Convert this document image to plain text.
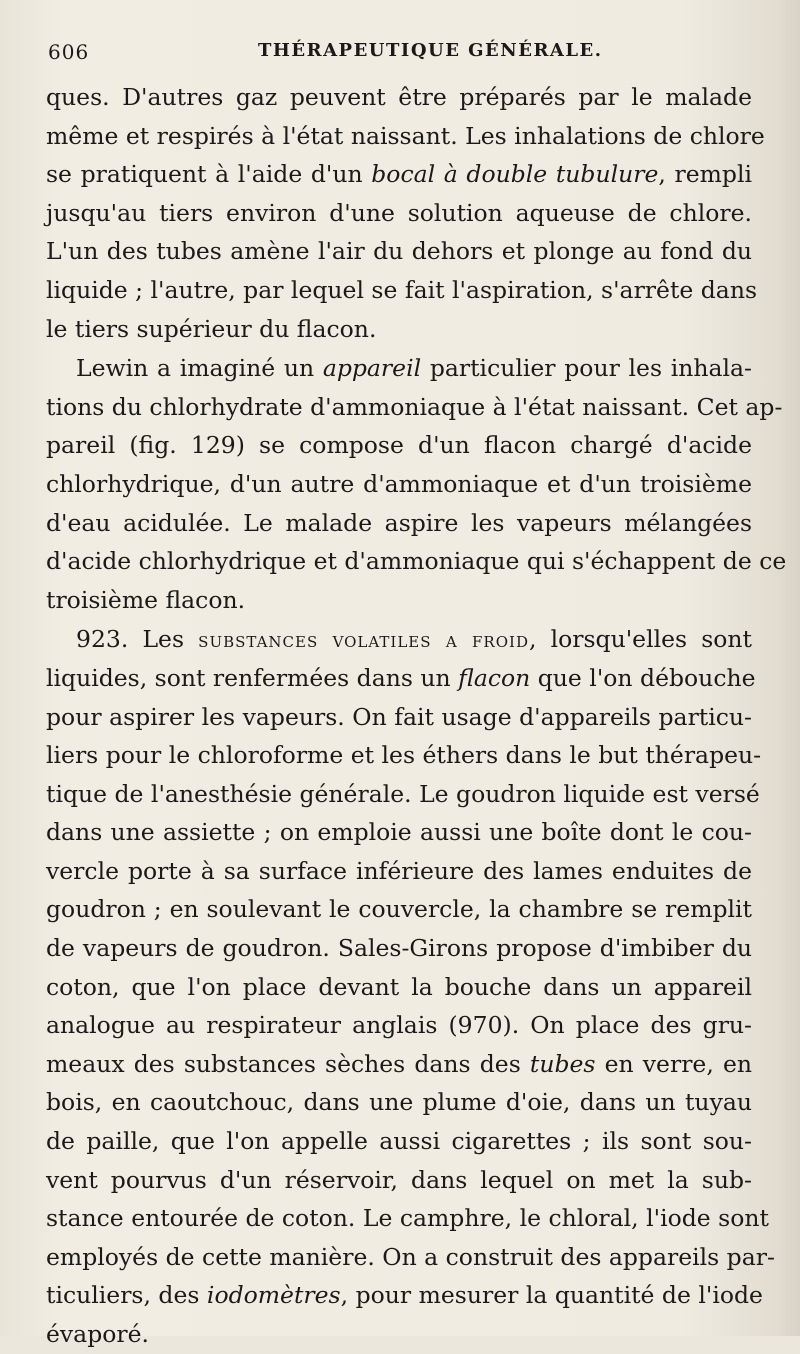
606	THÉRAPEUTIQUE GÉNÉRALE.
ques. D'autres gaz peuvent être préparés par le malade
même et respirés à l'état naissant. Les inhalations de chlore
se pratiquent à l'aide d'un bocal à double tubulure, rempli
jusqu'au tiers environ d'une solution aqueuse de chlore.
L'un des tubes amène l'air du dehors et plonge au fond du
liquide ; l'autre, par lequel se fait l'aspiration, s'arrête dans
le tiers supérieur du flacon.
Lewin a imaginé un appareil particulier pour les inhala-
tions du chlorhydrate d'ammoniaque à l'état naissant. Cet ap-
pareil (fig. 129) se compose d'un flacon chargé d'acide
chlorhydrique, d'un autre d'ammoniaque et d'un troisième
d'eau acidulée. Le malade aspire les vapeurs mélangées
d'acide chlorhydrique et d'ammoniaque qui s'échappent de ce
troisième flacon.
923. Les substances volatiles a froid, lorsqu'elles sont
liquides, sont renfermées dans un flacon que l'on débouche
pour aspirer les vapeurs. On fait usage d'appareils particu-
liers pour le chloroforme et les éthers dans le but thérapeu-
tique de l'anesthésie générale. Le goudron liquide est versé
dans une assiette ; on emploie aussi une boîte dont le cou-
vercle porte à sa surface inférieure des lames enduites de
goudron ; en soulevant le couvercle, la chambre se remplit
de vapeurs de goudron. Sales-Girons propose d'imbiber du
coton, que l'on place devant la bouche dans un appareil
analogue au respirateur anglais (970). On place des gru-
meaux des substances sèches dans des tubes en verre, en
bois, en caoutchouc, dans une plume d'oie, dans un tuyau
de paille, que l'on appelle aussi cigarettes ; ils sont sou-
vent pourvus d'un réservoir, dans lequel on met la sub-
stance entourée de coton. Le camphre, le chloral, l'iode sont
employés de cette manière. On a construit des appareils par-
ticuliers, des iodomètres, pour mesurer la quantité de l'iode
évaporé.
